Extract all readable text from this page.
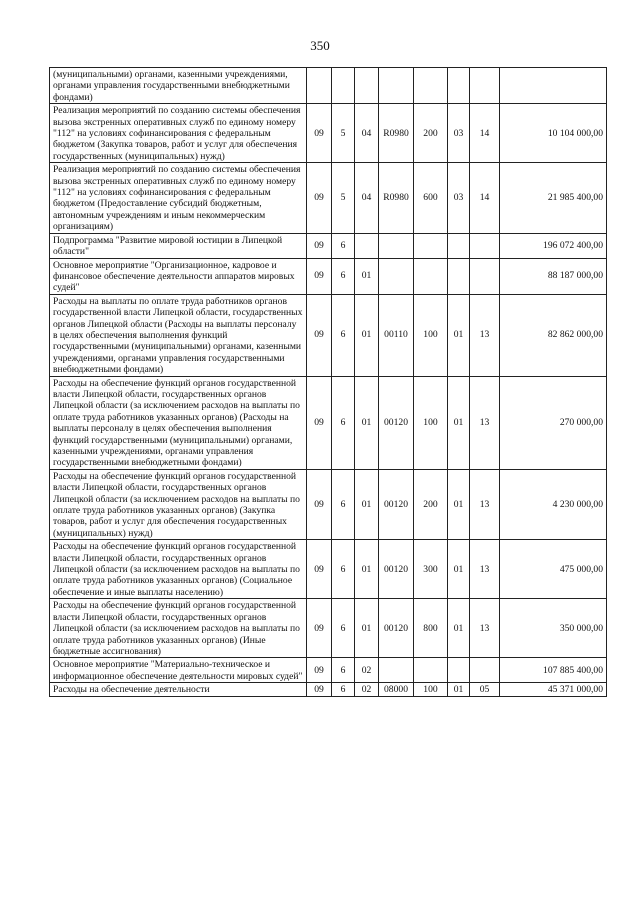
350
(муниципальными) органами, казенными учреждениями, органами управления государственными внебюджетными фондами)								
Реализация мероприятий по созданию системы обеспечения вызова экстренных оперативных служб по единому номеру "112" на условиях софинансирования с федеральным бюджетом (Закупка товаров, работ и услуг для обеспечения государственных (муниципальных) нужд)	09	5	04	R0980	200	03	14	10 104 000,00
Реализация мероприятий по созданию системы обеспечения вызова экстренных оперативных служб по единому номеру "112" на условиях софинансирования с федеральным бюджетом (Предоставление субсидий бюджетным, автономным учреждениям и иным некоммерческим организациям)	09	5	04	R0980	600	03	14	21 985 400,00
Подпрограмма "Развитие мировой юстиции в Липецкой области"	09	6						196 072 400,00
Основное мероприятие "Организационное, кадровое и финансовое обеспечение деятельности аппаратов мировых судей"	09	6	01					88 187 000,00
Расходы на выплаты по оплате труда работников органов государственной власти Липецкой области, государственных органов Липецкой области (Расходы на выплаты персоналу в целях обеспечения выполнения функций государственными (муниципальными) органами, казенными учреждениями, органами управления государственными внебюджетными фондами)	09	6	01	00110	100	01	13	82 862 000,00
Расходы на обеспечение функций органов государственной власти Липецкой области, государственных органов Липецкой области (за исключением расходов на выплаты по оплате труда работников указанных органов) (Расходы на выплаты персоналу в целях обеспечения выполнения функций государственными (муниципальными) органами, казенными учреждениями, органами управления государственными внебюджетными фондами)	09	6	01	00120	100	01	13	270 000,00
Расходы на обеспечение функций органов государственной власти Липецкой области, государственных органов Липецкой области (за исключением расходов на выплаты по оплате труда работников указанных органов) (Закупка товаров, работ и услуг для обеспечения государственных (муниципальных) нужд)	09	6	01	00120	200	01	13	4 230 000,00
Расходы на обеспечение функций органов государственной власти Липецкой области, государственных органов Липецкой области (за исключением расходов на выплаты по оплате труда работников указанных органов) (Социальное обеспечение и иные выплаты населению)	09	6	01	00120	300	01	13	475 000,00
Расходы на обеспечение функций органов государственной власти Липецкой области, государственных органов Липецкой области (за исключением расходов на выплаты по оплате труда работников указанных органов) (Иные бюджетные ассигнования)	09	6	01	00120	800	01	13	350 000,00
Основное мероприятие "Материально-техническое и информационное обеспечение деятельности мировых судей"	09	6	02					107 885 400,00
Расходы на обеспечение деятельности	09	6	02	08000	100	01	05	45 371 000,00
